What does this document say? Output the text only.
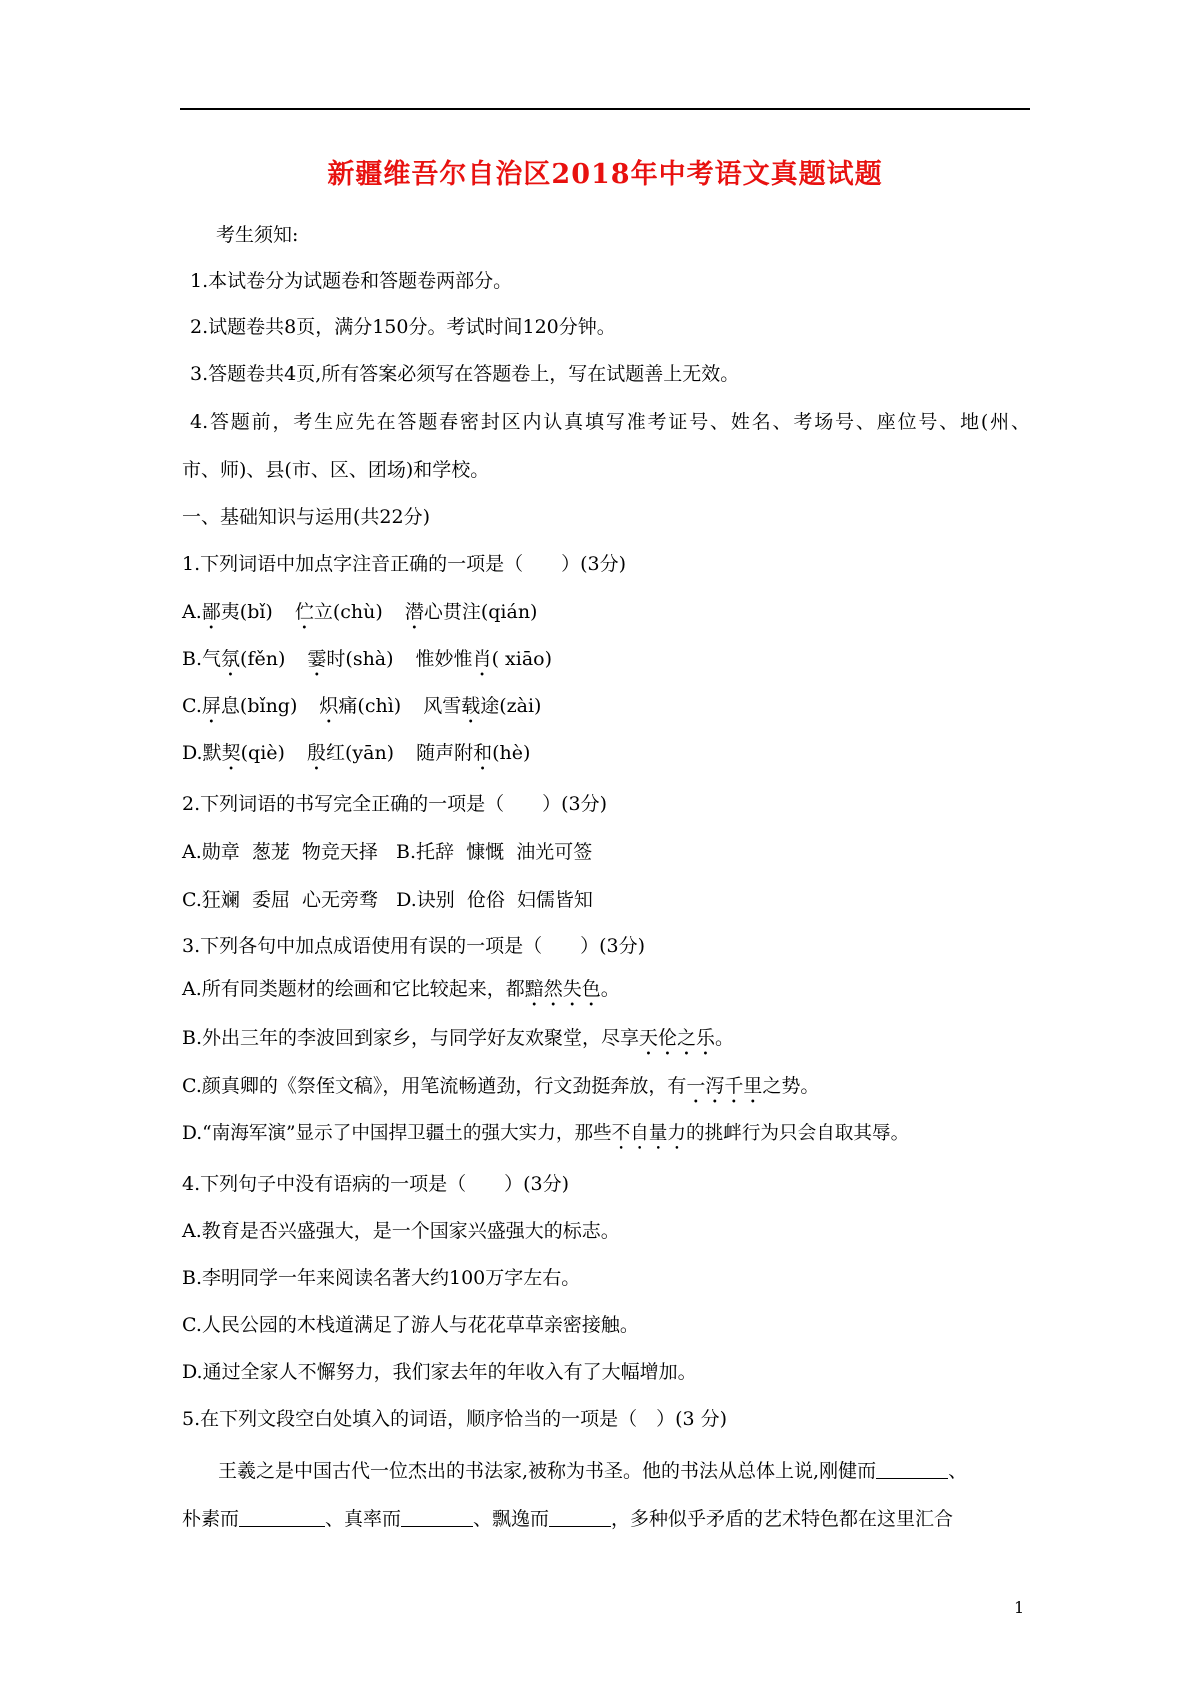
新疆维吾尔自治区2018年中考语文真题试题
考生须知:
1.本试卷分为试题卷和答题卷两部分。
2.试题卷共8页，满分150分。考试时间120分钟。
3.答题卷共4页,所有答案必须写在答题卷上，写在试题善上无效。
4.答题前，考生应先在答题春密封区内认真填写准考证号、姓名、考场号、座位号、地(州、
市、师)、县(市、区、团场)和学校。
一、基础知识与运用(共22分)
1.下列词语中加点字注音正确的一项是（　　）(3分)
A.鄙夷(bǐ) 伫立(chù) 潜心贯注(qián)
B.气氛(fěn) 霎时(shà) 惟妙惟肖( xiāo)
C.屏息(bǐng) 炽痛(chì) 风雪载途(zài)
D.默契(qiè) 殷红(yān) 随声附和(hè)
2.下列词语的书写完全正确的一项是（　　）(3分)
A.勋章  葱茏  物竞天择   B.托辞  慷慨  油光可签
C.狂斓  委屈  心无旁骛   D.诀别  伧俗  妇儒皆知
3.下列各句中加点成语使用有误的一项是（　　）(3分)
A.所有同类题材的绘画和它比较起来，都黯然失色。
B.外出三年的李波回到家乡，与同学好友欢聚堂，尽享天伦之乐。
C.颜真卿的《祭侄文稿》，用笔流畅遒劲，行文劲挺奔放，有一泻千里之势。
D.“南海军演”显示了中国捍卫疆土的强大实力，那些不自量力的挑衅行为只会自取其辱。
4.下列句子中没有语病的一项是（　　）(3分)
A.教育是否兴盛强大，是一个国家兴盛强大的标志。
B.李明同学一年来阅读名著大约100万字左右。
C.人民公园的木栈道满足了游人与花花草草亲密接触。
D.通过全家人不懈努力，我们家去年的年收入有了大幅增加。
5.在下列文段空白处填入的词语，顺序恰当的一项是（　）(3 分)
王羲之是中国古代一位杰出的书法家,被称为书圣。他的书法从总体上说,刚健而	、
朴素而	、真率而	、飘逸而	，多种似乎矛盾的艺术特色都在这里汇合
1
